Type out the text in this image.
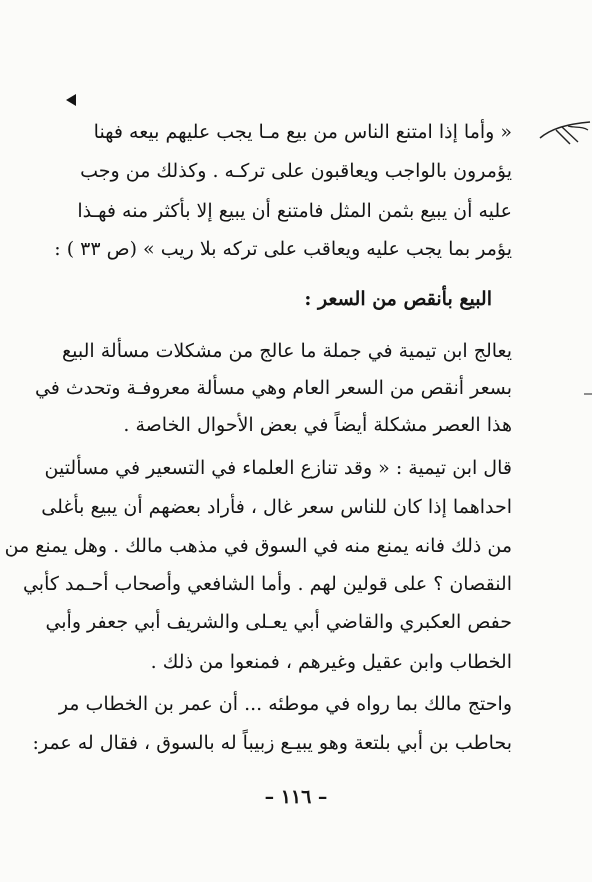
« وأما إذا امتنع الناس من بيع مـا يجب عليهم بيعه فهنا
يؤمرون بالواجب ويعاقبون على تركـه . وكذلك من وجب
عليه أن يبيع بثمن المثل فامتنع أن يبيع إلا بأكثر منه فهـذا
يؤمر بما يجب عليه ويعاقب على تركه بلا ريب » (ص ٣٣ ) :
البيع بأنقص من السعر :
يعالج ابن تيمية في جملة ما عالج من مشكلات مسألة البيع
بسعر أنقص من السعر العام وهي مسألة معروفـة وتحدث في
هذا العصر مشكلة أيضاً في بعض الأحوال الخاصة .
قال ابن تيمية : « وقد تنازع العلماء في التسعير في مسألتين
احداهما إذا كان للناس سعر غال ، فأراد بعضهم أن يبيع بأغلى
من ذلك فانه يمنع منه في السوق في مذهب مالك . وهل يمنع من
النقصان ؟ على قولين لهم . وأما الشافعي وأصحاب أحـمد كأبي
حفص العكبري والقاضي أبي يعـلى والشريف أبي جعفر وأبي
الخطاب وابن عقيل وغيرهم ، فمنعوا من ذلك .
واحتج مالك بما رواه في موطئه ... أن عمر بن الخطاب مر
بحاطب بن أبي بلتعة وهو يبيـع زبيباً له بالسوق ، فقال له عمر:
– ١١٦ –
